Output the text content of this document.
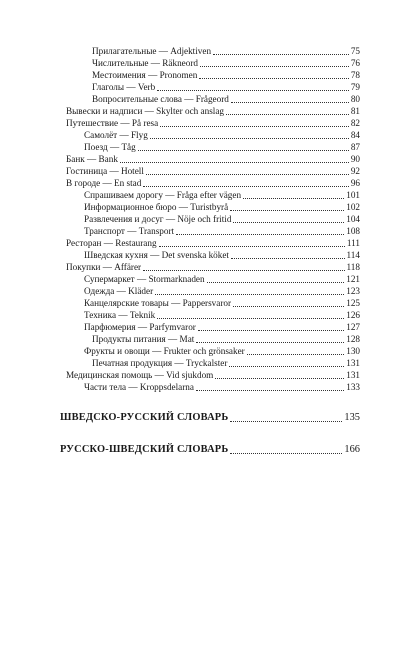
Прилагательные — Adjektiven	75
Числительные — Räkneord	76
Местоимения — Pronomen	78
Глаголы — Verb	79
Вопросительные слова — Frågeord	80
Вывески и надписи — Skylter och anslag	81
Путешествие — På resa	82
Самолёт — Flyg	84
Поезд — Tåg	87
Банк — Bank	90
Гостиница — Hotell	92
В городе — En stad	96
Спрашиваем дорогу — Fråga efter vägen	101
Информационное бюро — Turistbyrå	102
Развлечения и досуг — Nöje och fritid	104
Транспорт — Transport	108
Ресторан — Restaurang	111
Шведская кухня — Det svenska köket	114
Покупки — Affärer	118
Супермаркет — Stormarknaden	121
Одежда — Kläder	123
Канцелярские товары — Pappersvaror	125
Техника — Teknik	126
Парфюмерия — Parfymvaror	127
Продукты питания — Mat	128
Фрукты и овощи — Frukter och grönsaker	130
Печатная продукция — Tryckalster	131
Медицинская помощь — Vid sjukdom	131
Части тела — Kroppsdelarna	133
ШВЕДСКО-РУССКИЙ СЛОВАРЬ	135
РУССКО-ШВЕДСКИЙ СЛОВАРЬ	166
